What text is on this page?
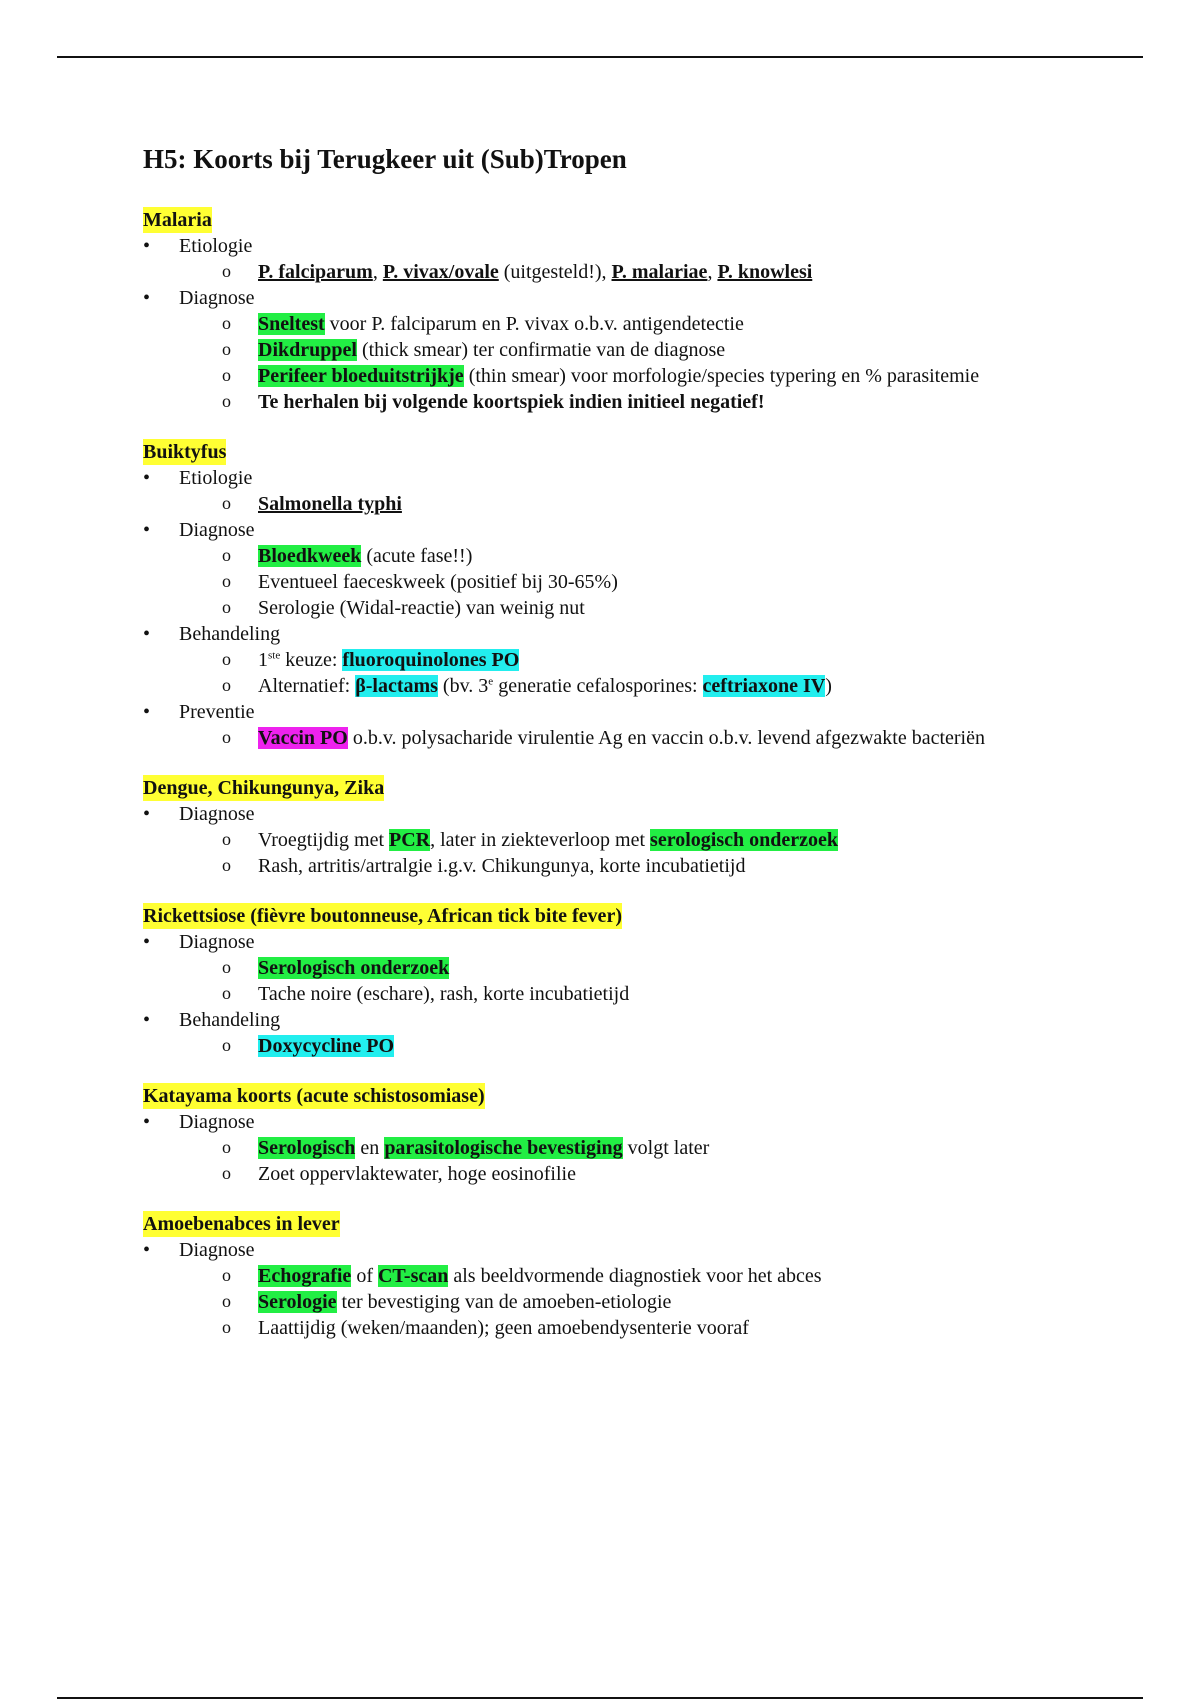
H5: Koorts bij Terugkeer uit (Sub)Tropen
Malaria
• Etiologie
o P. falciparum, P. vivax/ovale (uitgesteld!), P. malariae, P. knowlesi
• Diagnose
o Sneltest voor P. falciparum en P. vivax o.b.v. antigendetectie
o Dikdruppel (thick smear) ter confirmatie van de diagnose
o Perifeer bloeduitstrijkje (thin smear) voor morfologie/species typering en % parasitemie
o Te herhalen bij volgende koortspiek indien initieel negatief!
Buiktyfus
• Etiologie
o Salmonella typhi
• Diagnose
o Bloedkweek (acute fase!!)
o Eventueel faeceskweek (positief bij 30-65%)
o Serologie (Widal-reactie) van weinig nut
• Behandeling
o 1ste keuze: fluoroquinolones PO
o Alternatief: β-lactams (bv. 3e generatie cefalosporines: ceftriaxone IV)
• Preventie
o Vaccin PO o.b.v. polysacharide virulentie Ag en vaccin o.b.v. levend afgezwakte bacteriën
Dengue, Chikungunya, Zika
• Diagnose
o Vroegtijdig met PCR, later in ziekteverloop met serologisch onderzoek
o Rash, artritis/artralgie i.g.v. Chikungunya, korte incubatietijd
Rickettsiose (fièvre boutonneuse, African tick bite fever)
• Diagnose
o Serologisch onderzoek
o Tache noire (eschare), rash, korte incubatietijd
• Behandeling
o Doxycycline PO
Katayama koorts (acute schistosomiase)
• Diagnose
o Serologisch en parasitologische bevestiging volgt later
o Zoet oppervlaktewater, hoge eosinofilie
Amoebenabces in lever
• Diagnose
o Echografie of CT-scan als beeldvormende diagnostiek voor het abces
o Serologie ter bevestiging van de amoeben-etiologie
o Laattijdig (weken/maanden); geen amoebendysenterie vooraf
